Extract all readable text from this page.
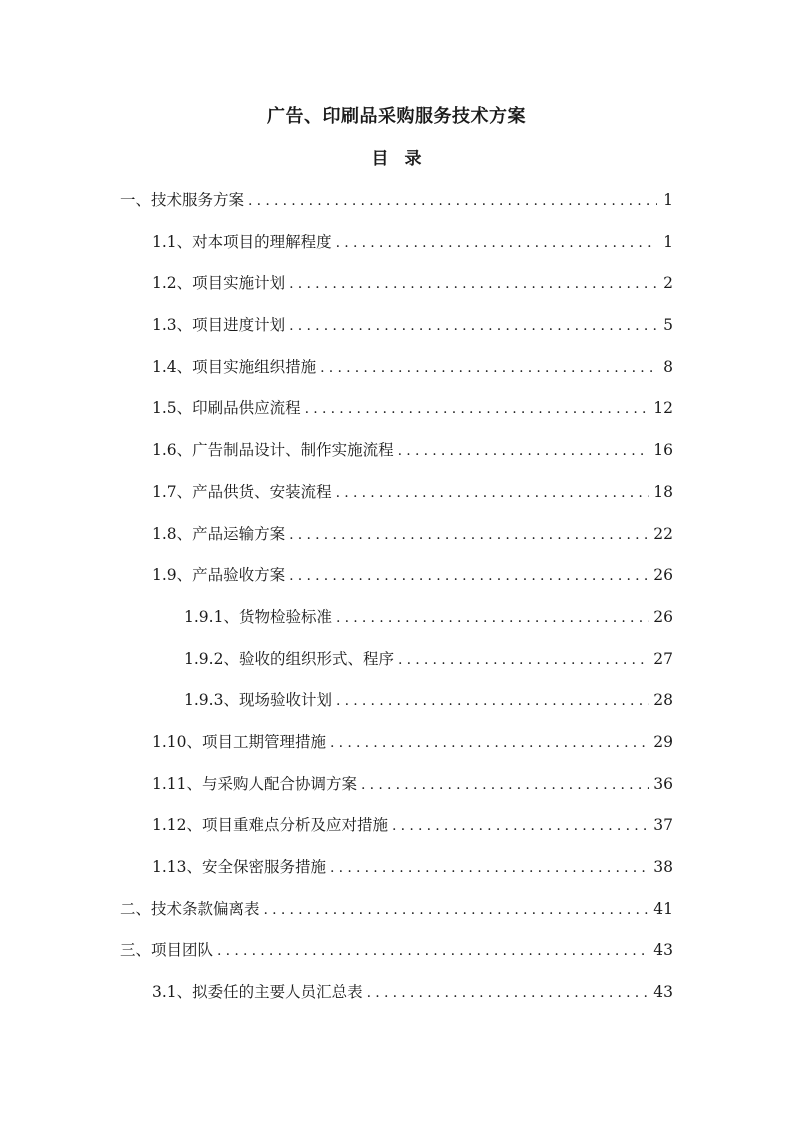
广告、印刷品采购服务技术方案
目 录
一、技术服务方案 .....	1
1.1、对本项目的理解程度 .....	1
1.2、项目实施计划 .....	2
1.3、项目进度计划 .....	5
1.4、项目实施组织措施 .....	8
1.5、印刷品供应流程 .....	12
1.6、广告制品设计、制作实施流程 .....	16
1.7、产品供货、安装流程 .....	18
1.8、产品运输方案 .....	22
1.9、产品验收方案 .....	26
1.9.1、货物检验标准 .....	26
1.9.2、验收的组织形式、程序 .....	27
1.9.3、现场验收计划 .....	28
1.10、项目工期管理措施 .....	29
1.11、与采购人配合协调方案 .....	36
1.12、项目重难点分析及应对措施 .....	37
1.13、安全保密服务措施 .....	38
二、技术条款偏离表 .....	41
三、项目团队 .....	43
3.1、拟委任的主要人员汇总表 .....	43
